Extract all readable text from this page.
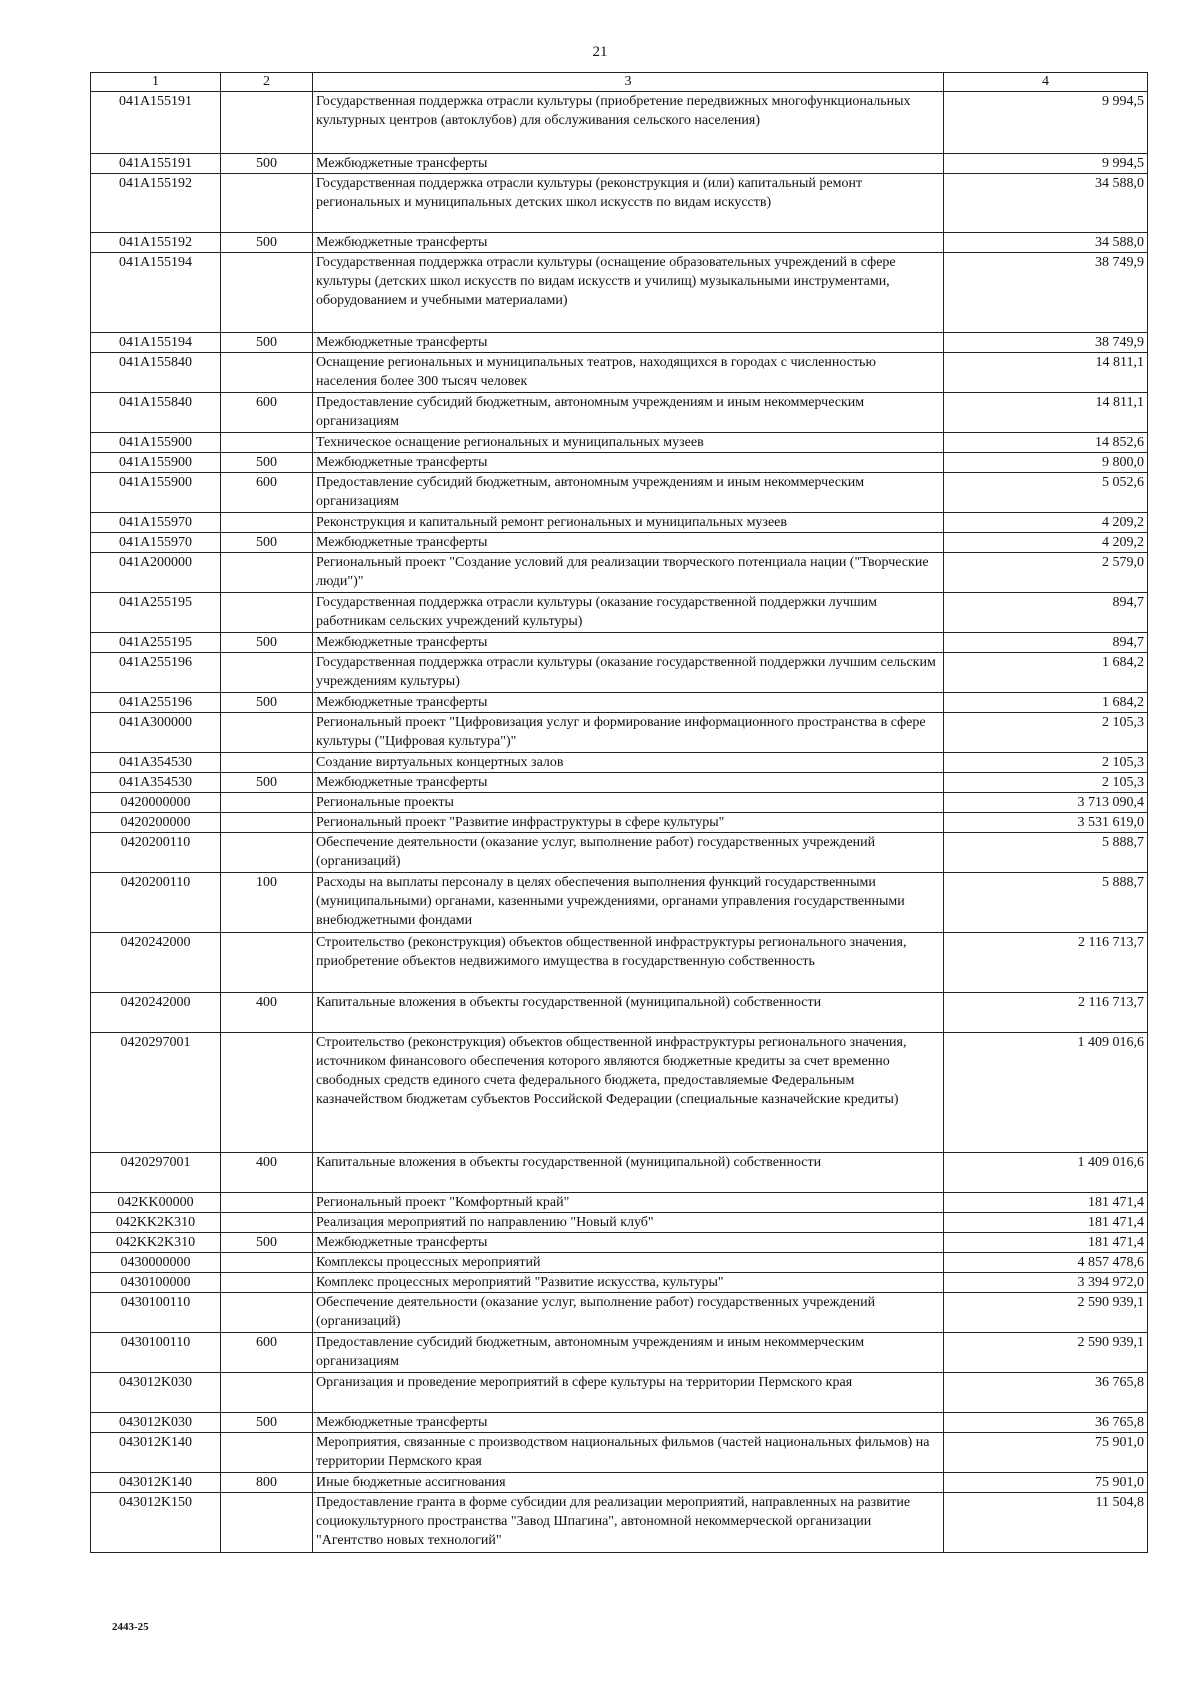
21
1	2	3	4
041A155191		Государственная поддержка отрасли культуры (приобретение передвижных многофункциональных культурных центров (автоклубов) для обслуживания сельского населения)	9 994,5
041A155191	500	Межбюджетные трансферты	9 994,5
041A155192		Государственная поддержка отрасли культуры (реконструкция и (или) капитальный ремонт региональных и муниципальных детских школ искусств по видам искусств)	34 588,0
041A155192	500	Межбюджетные трансферты	34 588,0
041A155194		Государственная поддержка отрасли культуры (оснащение образовательных учреждений в сфере культуры (детских школ искусств по видам искусств и училищ) музыкальными инструментами, оборудованием и учебными материалами)	38 749,9
041A155194	500	Межбюджетные трансферты	38 749,9
041A155840		Оснащение региональных и муниципальных театров, находящихся в городах с численностью населения более 300 тысяч человек	14 811,1
041A155840	600	Предоставление субсидий бюджетным, автономным учреждениям и иным некоммерческим организациям	14 811,1
041A155900		Техническое оснащение региональных и муниципальных музеев	14 852,6
041A155900	500	Межбюджетные трансферты	9 800,0
041A155900	600	Предоставление субсидий бюджетным, автономным учреждениям и иным некоммерческим организациям	5 052,6
041A155970		Реконструкция и капитальный ремонт региональных и муниципальных музеев	4 209,2
041A155970	500	Межбюджетные трансферты	4 209,2
041A200000		Региональный проект "Создание условий для реализации творческого потенциала нации ("Творческие люди")"	2 579,0
041A255195		Государственная поддержка отрасли культуры (оказание государственной поддержки лучшим работникам сельских учреждений культуры)	894,7
041A255195	500	Межбюджетные трансферты	894,7
041A255196		Государственная поддержка отрасли культуры (оказание государственной поддержки лучшим сельским учреждениям культуры)	1 684,2
041A255196	500	Межбюджетные трансферты	1 684,2
041A300000		Региональный проект "Цифровизация услуг и формирование информационного пространства в сфере культуры ("Цифровая культура")"	2 105,3
041A354530		Создание виртуальных концертных залов	2 105,3
041A354530	500	Межбюджетные трансферты	2 105,3
0420000000		Региональные проекты	3 713 090,4
0420200000		Региональный проект "Развитие инфраструктуры в сфере культуры"	3 531 619,0
0420200110		Обеспечение деятельности (оказание услуг, выполнение работ) государственных учреждений (организаций)	5 888,7
0420200110	100	Расходы на выплаты персоналу в целях обеспечения выполнения функций государственными (муниципальными) органами, казенными учреждениями, органами управления государственными внебюджетными фондами	5 888,7
0420242000		Строительство (реконструкция) объектов общественной инфраструктуры регионального значения, приобретение объектов недвижимого имущества в государственную собственность	2 116 713,7
0420242000	400	Капитальные вложения в объекты государственной (муниципальной) собственности	2 116 713,7
0420297001		Строительство (реконструкция) объектов общественной инфраструктуры регионального значения, источником финансового обеспечения которого являются бюджетные кредиты за счет временно свободных средств единого счета федерального бюджета, предоставляемые Федеральным казначейством бюджетам субъектов Российской Федерации (специальные казначейские кредиты)	1 409 016,6
0420297001	400	Капитальные вложения в объекты государственной (муниципальной) собственности	1 409 016,6
042KK00000		Региональный проект "Комфортный край"	181 471,4
042KK2K310		Реализация мероприятий по направлению "Новый клуб"	181 471,4
042KK2K310	500	Межбюджетные трансферты	181 471,4
0430000000		Комплексы процессных мероприятий	4 857 478,6
0430100000		Комплекс процессных мероприятий "Развитие искусства, культуры"	3 394 972,0
0430100110		Обеспечение деятельности (оказание услуг, выполнение работ) государственных учреждений (организаций)	2 590 939,1
0430100110	600	Предоставление субсидий бюджетным, автономным учреждениям и иным некоммерческим организациям	2 590 939,1
043012K030		Организация и проведение мероприятий в сфере культуры на территории Пермского края	36 765,8
043012K030	500	Межбюджетные трансферты	36 765,8
043012K140		Мероприятия, связанные с производством национальных фильмов (частей национальных фильмов) на территории Пермского края	75 901,0
043012K140	800	Иные бюджетные ассигнования	75 901,0
043012K150		Предоставление гранта в форме субсидии для реализации мероприятий, направленных на развитие социокультурного пространства "Завод Шпагина", автономной некоммерческой организации "Агентство новых технологий"	11 504,8
2443-25
